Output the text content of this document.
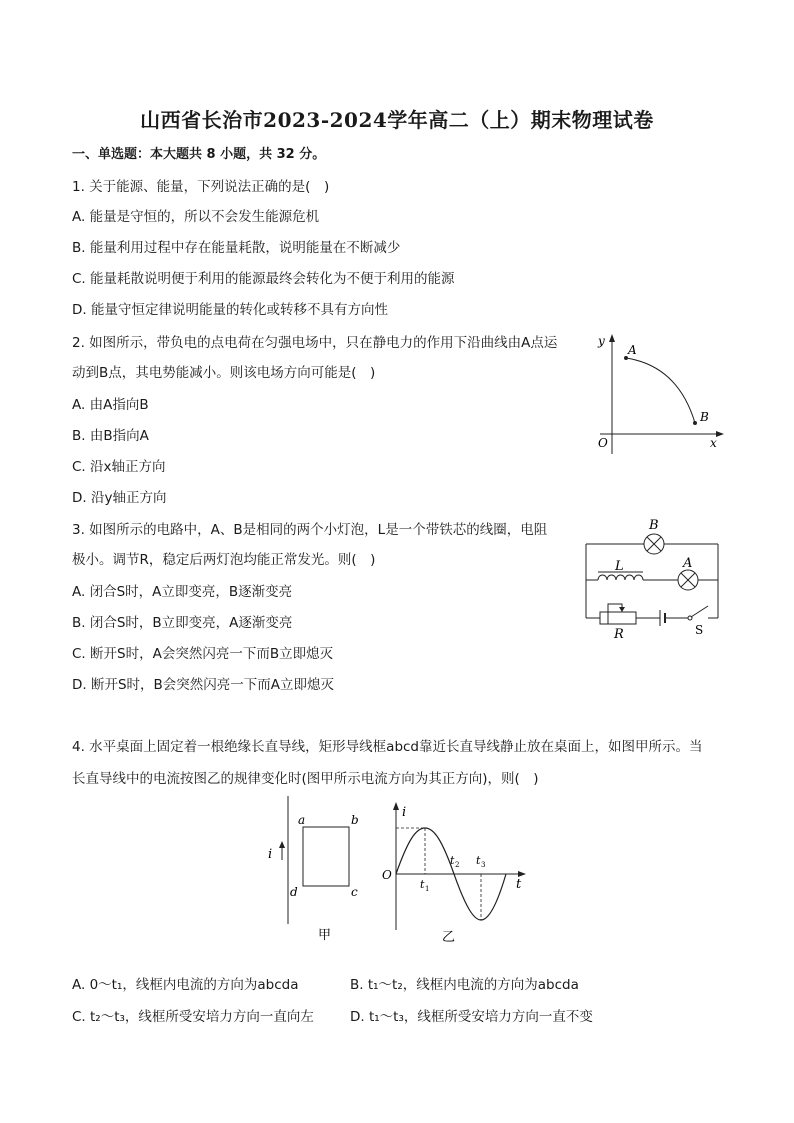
山西省长治市2023-2024学年高二（上）期末物理试卷
一、单选题：本大题共 8 小题，共 32 分。
1. 关于能源、能量，下列说法正确的是(　)
A. 能量是守恒的，所以不会发生能源危机
B. 能量利用过程中存在能量耗散，说明能量在不断减少
C. 能量耗散说明便于利用的能源最终会转化为不便于利用的能源
D. 能量守恒定律说明能量的转化或转移不具有方向性
2. 如图所示，带负电的点电荷在匀强电场中，只在静电力的作用下沿曲线由A点运
动到B点，其电势能减小。则该电场方向可能是(　)
A. 由A指向B
B. 由B指向A
C. 沿x轴正方向
D. 沿y轴正方向
y
x
O
A
B
3. 如图所示的电路中，A、B是相同的两个小灯泡，L是一个带铁芯的线圈，电阻
极小。调节R，稳定后两灯泡均能正常发光。则(　)
A. 闭合S时，A立即变亮，B逐渐变亮
B. 闭合S时，B立即变亮，A逐渐变亮
C. 断开S时，A会突然闪亮一下而B立即熄灭
D. 断开S时，B会突然闪亮一下而A立即熄灭
B
A
L
R	S
4. 水平桌面上固定着一根绝缘长直导线，矩形导线框abcd靠近长直导线静止放在桌面上，如图甲所示。当
长直导线中的电流按图乙的规律变化时(图甲所示电流方向为其正方向)，则(　)
i
a	b
c
d
甲
i
t
O
t 1
t 2 t 3
乙
A. 0～t₁，线框内电流的方向为abcda	B. t₁～t₂，线框内电流的方向为abcda
C. t₂～t₃，线框所受安培力方向一直向左	D. t₁～t₃，线框所受安培力方向一直不变
